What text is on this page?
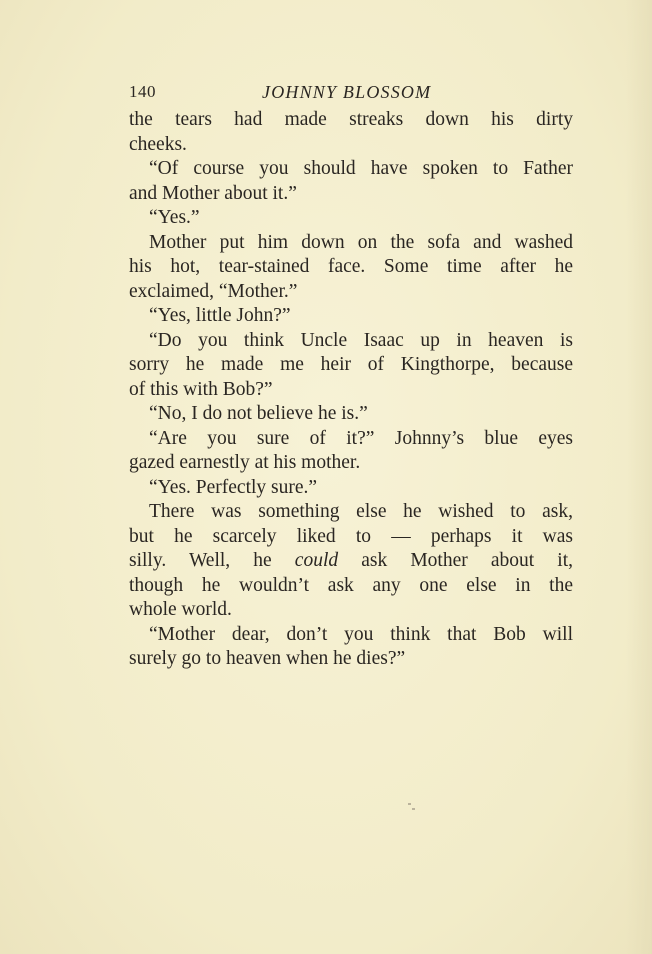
140	JOHNNY BLOSSOM
the tears had made streaks down his dirty
cheeks.
“Of course you should have spoken to Father
and Mother about it.”
“Yes.”
Mother put him down on the sofa and washed
his hot, tear-stained face. Some time after he
exclaimed, “Mother.”
“Yes, little John?”
“Do you think Uncle Isaac up in heaven is
sorry he made me heir of Kingthorpe, because
of this with Bob?”
“No, I do not believe he is.”
“Are you sure of it?” Johnny’s blue eyes
gazed earnestly at his mother.
“Yes. Perfectly sure.”
There was something else he wished to ask,
but he scarcely liked to — perhaps it was
silly. Well, he could ask Mother about it,
though he wouldn’t ask any one else in the
whole world.
“Mother dear, don’t you think that Bob will
surely go to heaven when he dies?”
